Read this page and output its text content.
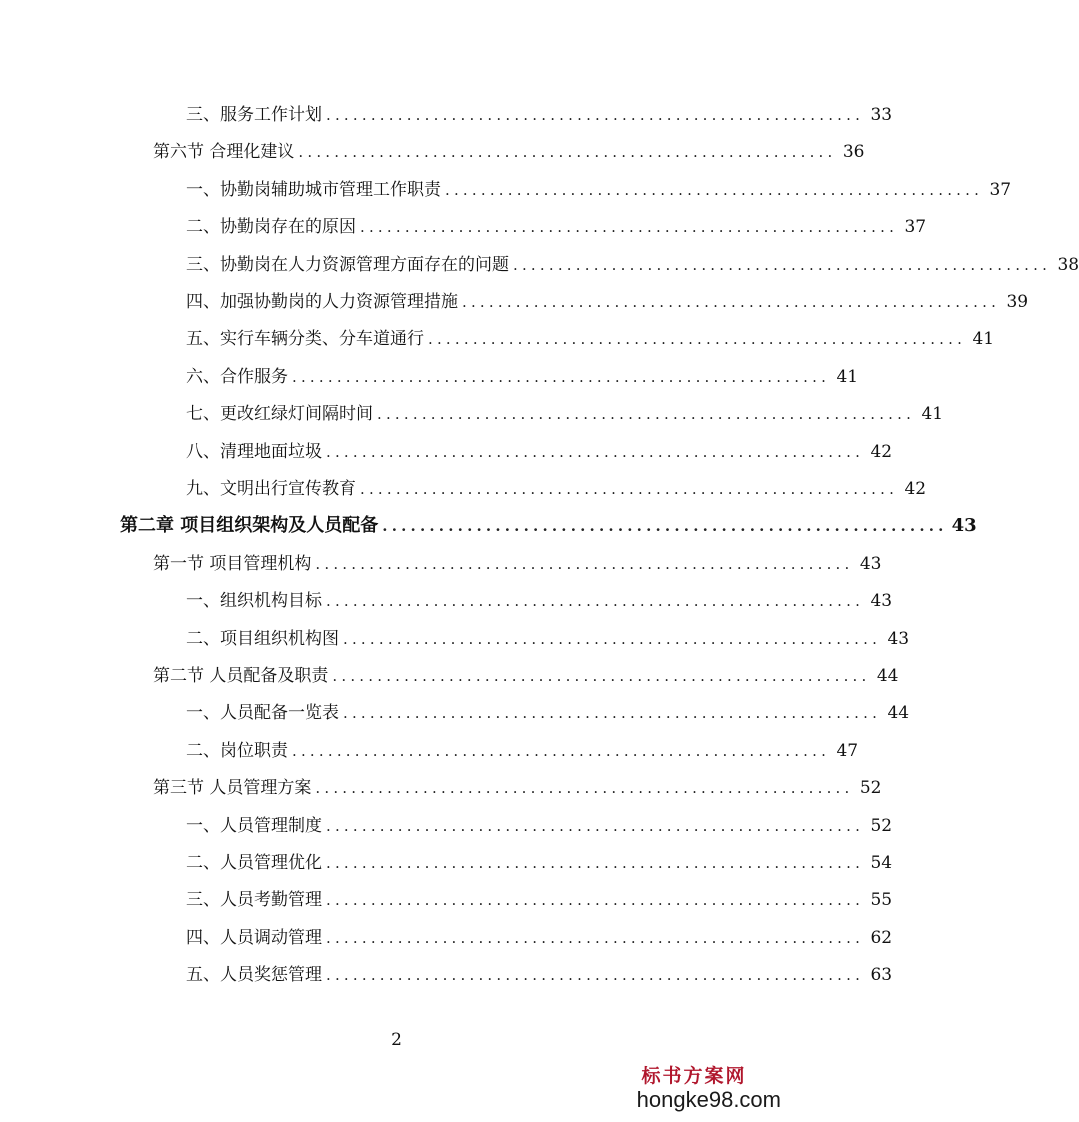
三、服务工作计划 ............................................................ 33
第六节 合理化建议 ............................................................ 36
一、协勤岗辅助城市管理工作职责 ............................................................ 37
二、协勤岗存在的原因 ............................................................ 37
三、协勤岗在人力资源管理方面存在的问题 ............................................................ 38
四、加强协勤岗的人力资源管理措施 ............................................................ 39
五、实行车辆分类、分车道通行 ............................................................ 41
六、合作服务 ............................................................ 41
七、更改红绿灯间隔时间 ............................................................ 41
八、清理地面垃圾 ............................................................ 42
九、文明出行宣传教育 ............................................................ 42
第二章 项目组织架构及人员配备 ............................................................ 43
第一节 项目管理机构 ............................................................ 43
一、组织机构目标 ............................................................ 43
二、项目组织机构图 ............................................................ 43
第二节 人员配备及职责 ............................................................ 44
一、人员配备一览表 ............................................................ 44
二、岗位职责 ............................................................ 47
第三节 人员管理方案 ............................................................ 52
一、人员管理制度 ............................................................ 52
二、人员管理优化 ............................................................ 54
三、人员考勤管理 ............................................................ 55
四、人员调动管理 ............................................................ 62
五、人员奖惩管理 ............................................................ 63
2
标书方案网
hongke98.com
